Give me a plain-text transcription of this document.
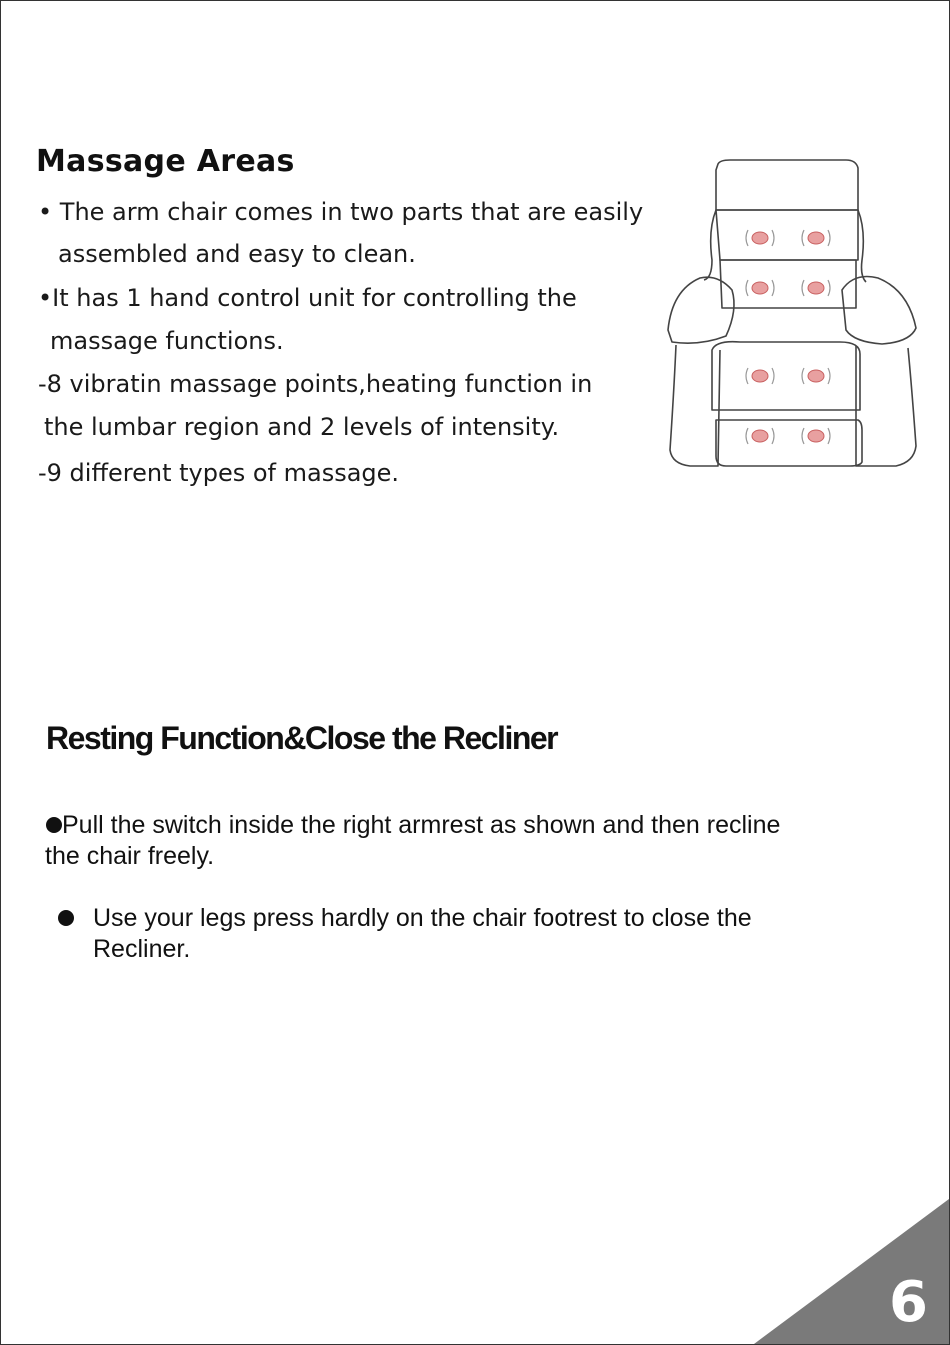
Massage Areas
• The arm chair comes in two parts that are easily
assembled and easy to clean.
•It has 1 hand control unit for controlling the
massage functions.
-8 vibratin massage points,heating function in
the lumbar region and 2 levels of intensity.
-9 different types of massage.
Resting Function&Close the Recliner
Pull the switch inside the right armrest as shown and then recline
the chair freely.
Use your legs press hardly on the chair footrest to close the
Recliner.
6
